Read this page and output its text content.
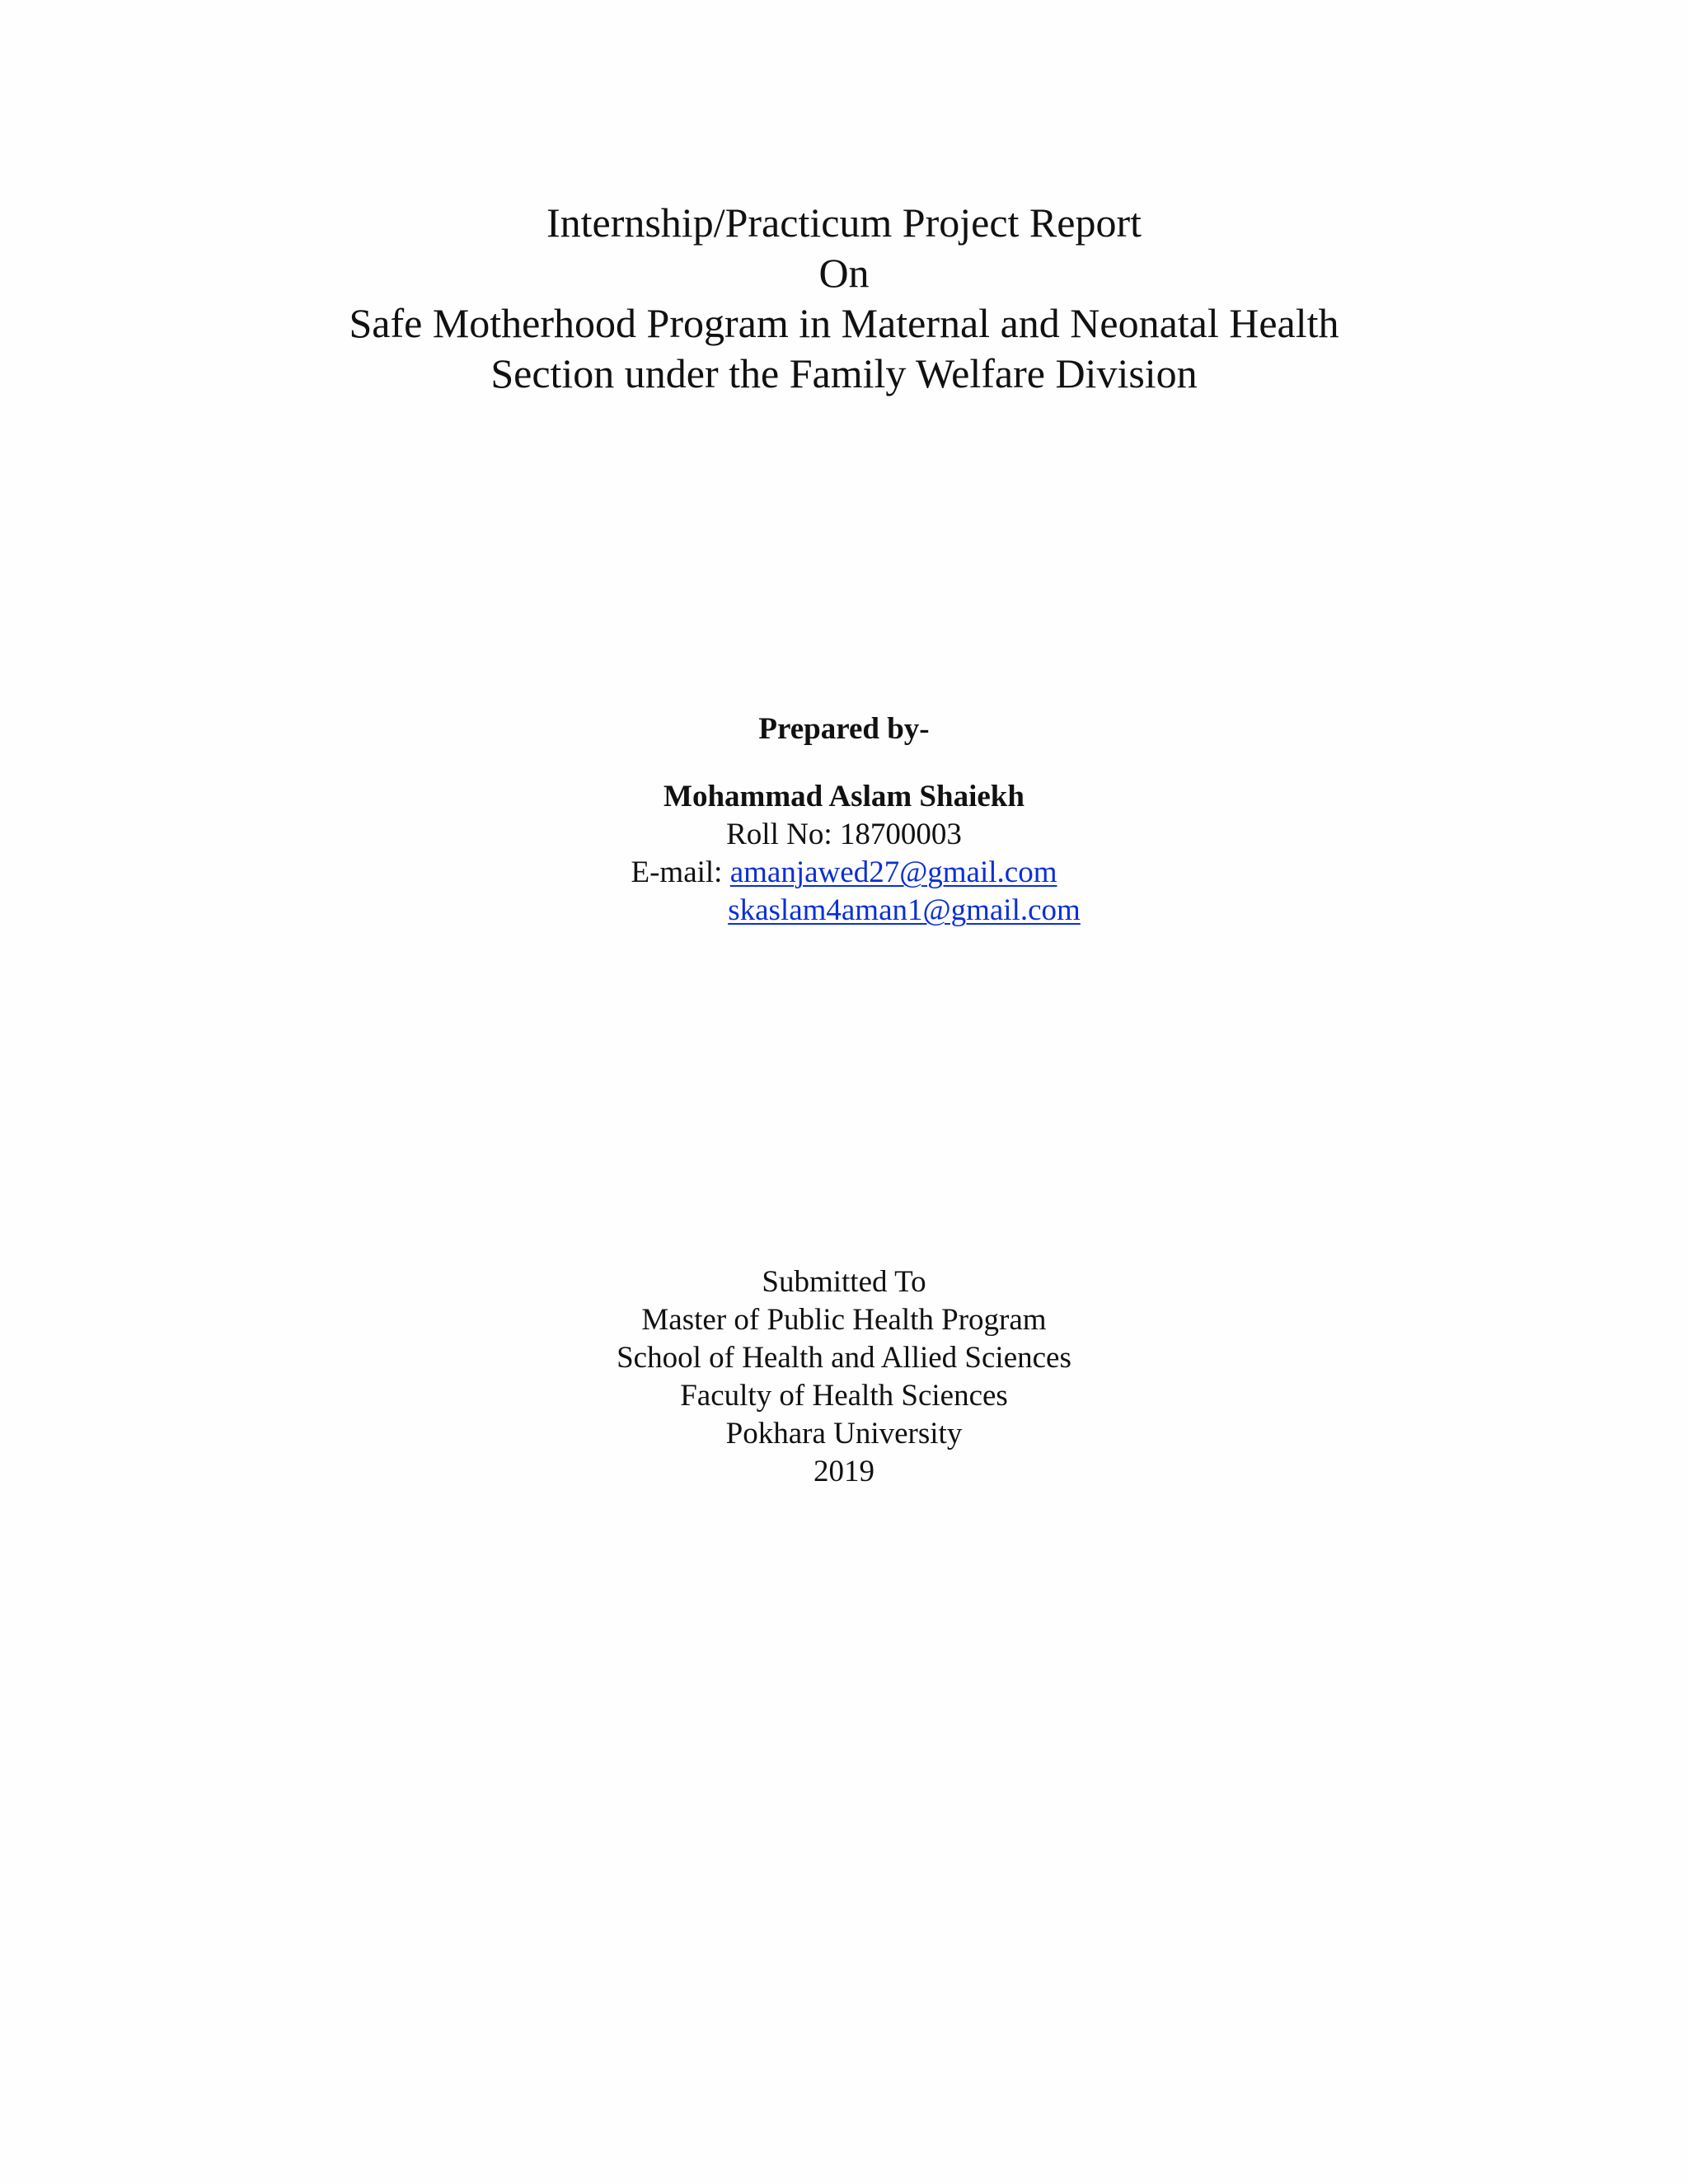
Internship/Practicum Project Report
On
Safe Motherhood Program in Maternal and Neonatal Health
Section under the Family Welfare Division
Prepared by-
Mohammad Aslam Shaiekh
Roll No: 18700003
E-mail: amanjawed27@gmail.com
skaslam4aman1@gmail.com
Submitted To
Master of Public Health Program
School of Health and Allied Sciences
Faculty of Health Sciences
Pokhara University
2019
